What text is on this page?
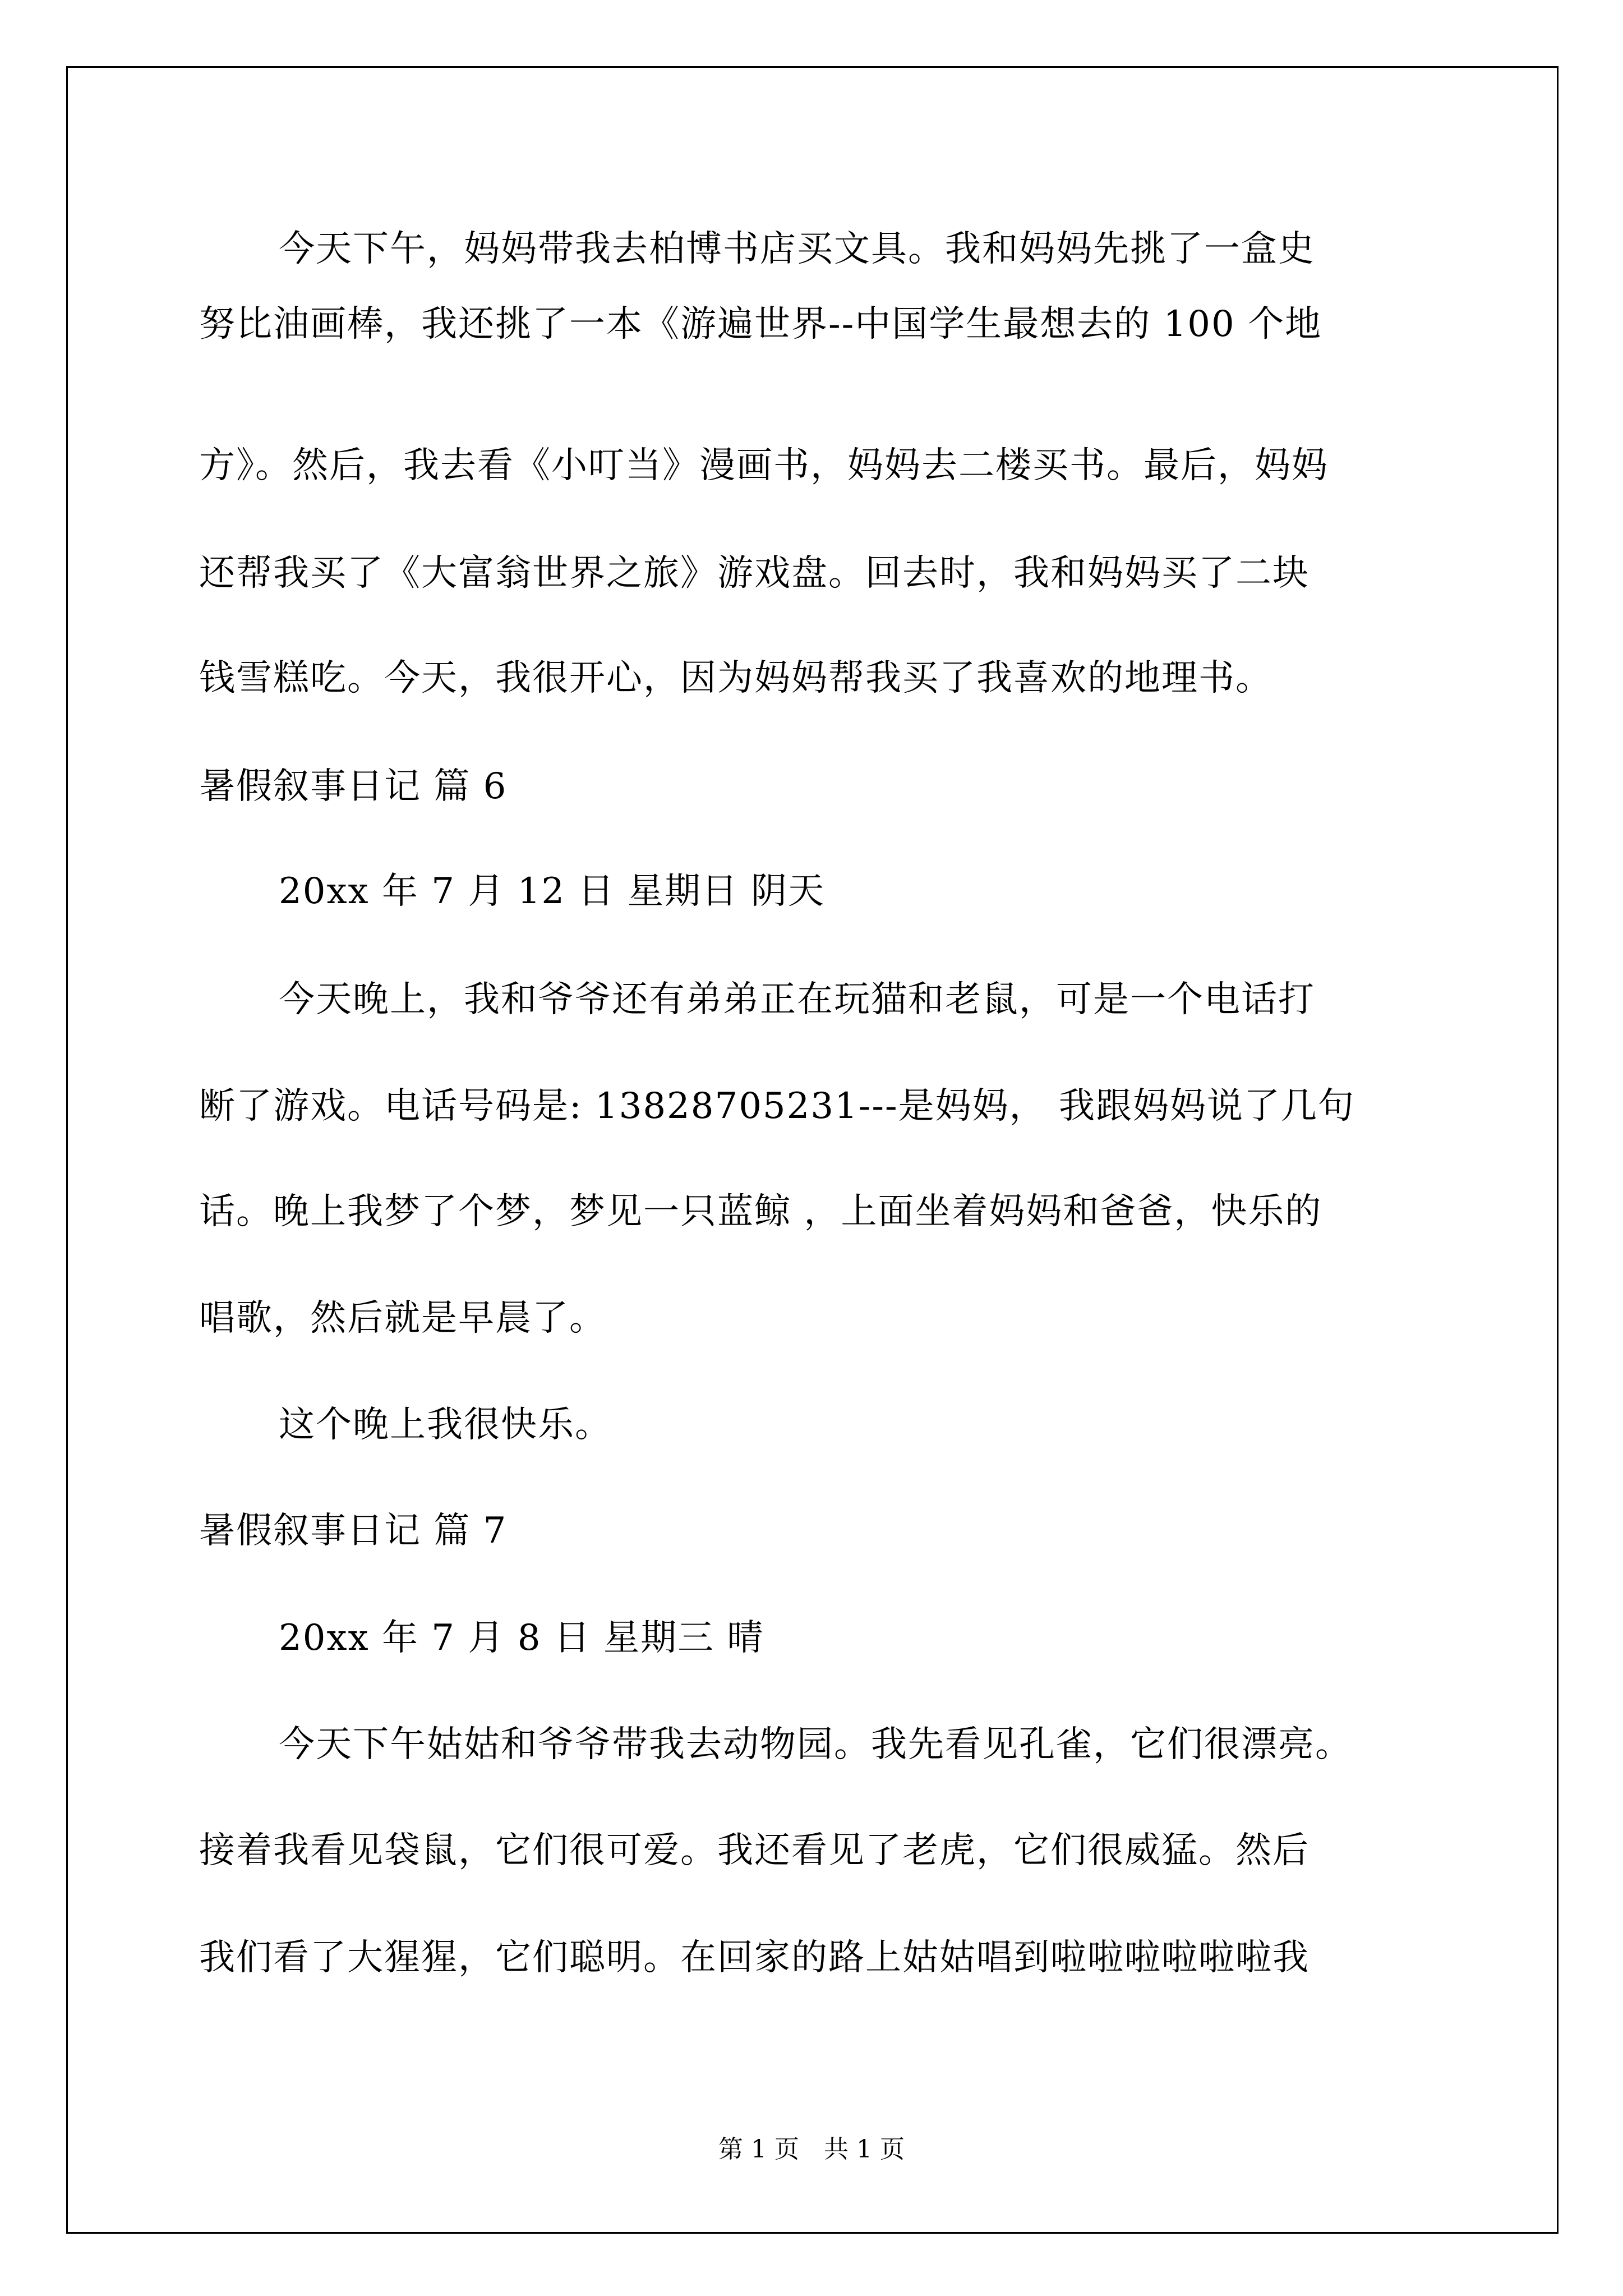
今天下午，妈妈带我去柏博书店买文具。我和妈妈先挑了一盒史
努比油画棒，我还挑了一本《游遍世界--中国学生最想去的 100 个地
方》。然后，我去看《小叮当》漫画书，妈妈去二楼买书。最后，妈妈
还帮我买了《大富翁世界之旅》游戏盘。回去时，我和妈妈买了二块
钱雪糕吃。今天，我很开心，因为妈妈帮我买了我喜欢的地理书。
暑假叙事日记 篇 6
20xx 年 7 月 12 日 星期日 阴天
今天晚上，我和爷爷还有弟弟正在玩猫和老鼠，可是一个电话打
断了游戏。电话号码是: 13828705231---是妈妈， 我跟妈妈说了几句
话。晚上我梦了个梦，梦见一只蓝鲸 ，上面坐着妈妈和爸爸，快乐的
唱歌，然后就是早晨了。
这个晚上我很快乐。
暑假叙事日记 篇 7
20xx 年 7 月 8 日 星期三 晴
今天下午姑姑和爷爷带我去动物园。我先看见孔雀，它们很漂亮。
接着我看见袋鼠，它们很可爱。我还看见了老虎，它们很威猛。然后
我们看了大猩猩，它们聪明。在回家的路上姑姑唱到啦啦啦啦啦啦我
第 1 页　共 1 页
